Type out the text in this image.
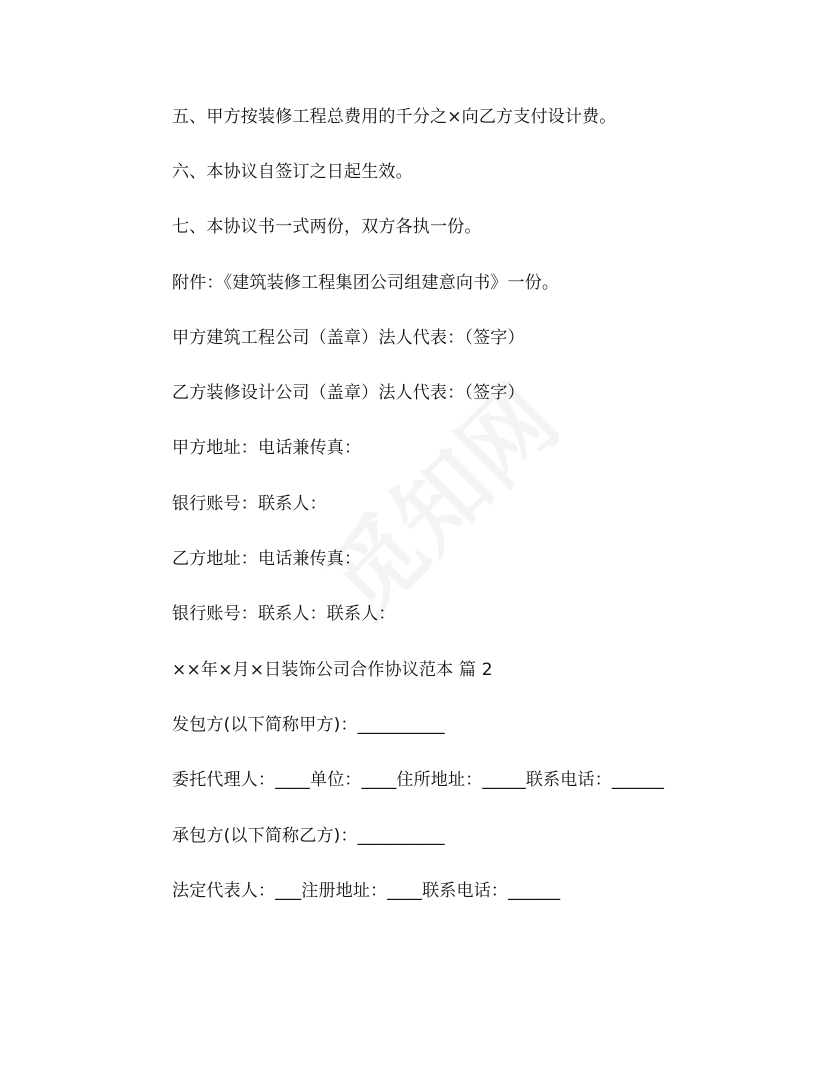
五、甲方按装修工程总费用的千分之×向乙方支付设计费。
六、本协议自签订之日起生效。
七、本协议书一式两份，双方各执一份。
附件：《建筑装修工程集团公司组建意向书》一份。
甲方建筑工程公司（盖章）法人代表：（签字）
乙方装修设计公司（盖章）法人代表：（签字）
甲方地址：电话兼传真：
银行账号：联系人：
乙方地址：电话兼传真：
银行账号：联系人：联系人：
××年×月×日装饰公司合作协议范本 篇 2
发包方(以下简称甲方)：__________
委托代理人：____单位：____住所地址：_____联系电话：______
承包方(以下简称乙方)：__________
法定代表人：___注册地址：____联系电话：______
